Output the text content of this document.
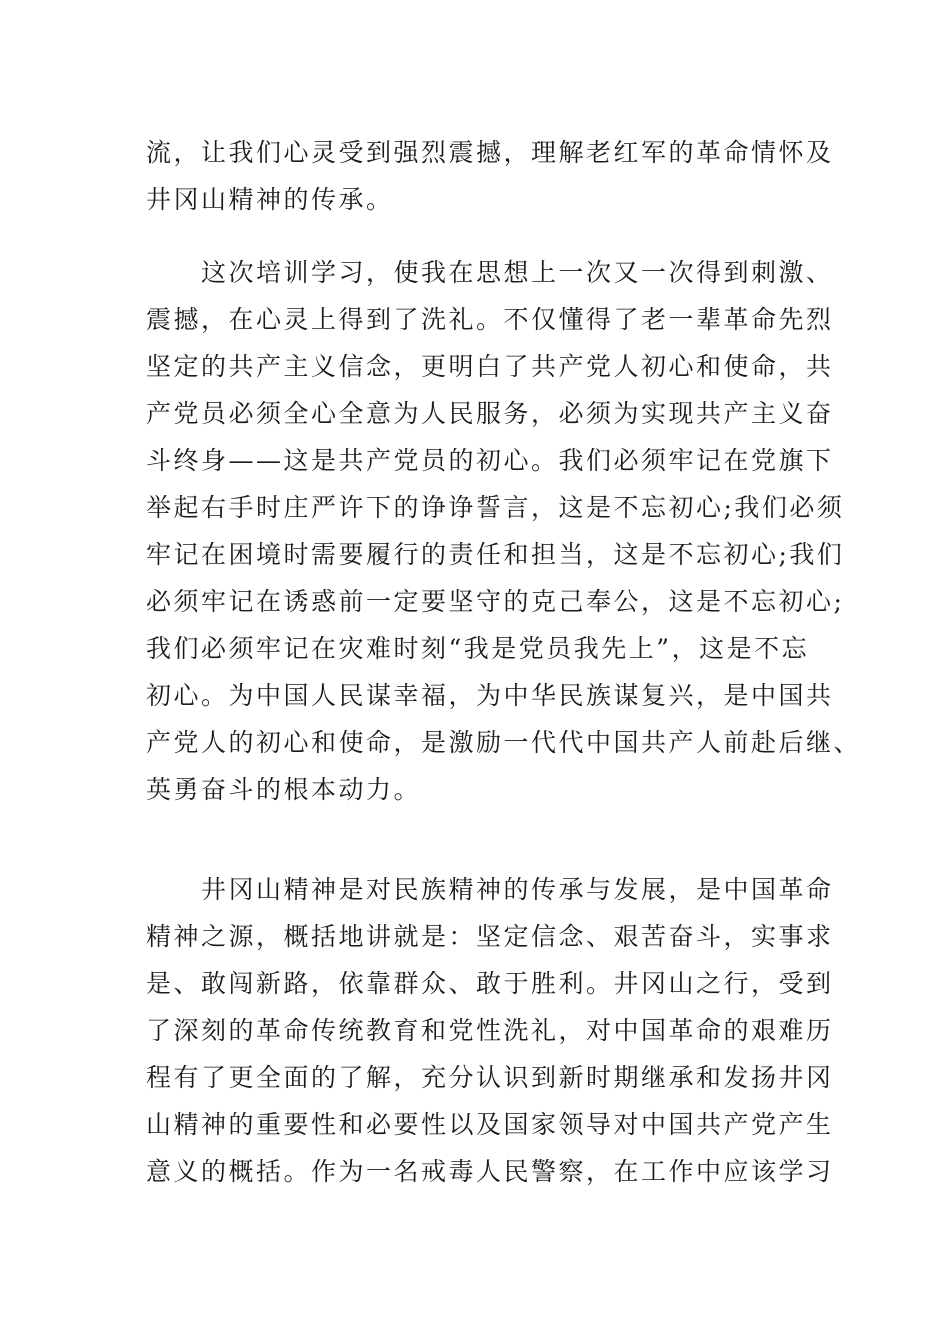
流，让我们心灵受到强烈震撼，理解老红军的革命情怀及
井冈山精神的传承。
这次培训学习，使我在思想上一次又一次得到刺激、
震撼，在心灵上得到了洗礼。不仅懂得了老一辈革命先烈
坚定的共产主义信念，更明白了共产党人初心和使命，共
产党员必须全心全意为人民服务，必须为实现共产主义奋
斗终身——这是共产党员的初心。我们必须牢记在党旗下
举起右手时庄严许下的诤诤誓言，这是不忘初心;我们必须
牢记在困境时需要履行的责任和担当，这是不忘初心;我们
必须牢记在诱惑前一定要坚守的克己奉公，这是不忘初心;
我们必须牢记在灾难时刻“我是党员我先上”，这是不忘
初心。为中国人民谋幸福，为中华民族谋复兴，是中国共
产党人的初心和使命，是激励一代代中国共产人前赴后继、
英勇奋斗的根本动力。
井冈山精神是对民族精神的传承与发展，是中国革命
精神之源，概括地讲就是：坚定信念、艰苦奋斗，实事求
是、敢闯新路，依靠群众、敢于胜利。井冈山之行，受到
了深刻的革命传统教育和党性洗礼，对中国革命的艰难历
程有了更全面的了解，充分认识到新时期继承和发扬井冈
山精神的重要性和必要性以及国家领导对中国共产党产生
意义的概括。作为一名戒毒人民警察，在工作中应该学习
